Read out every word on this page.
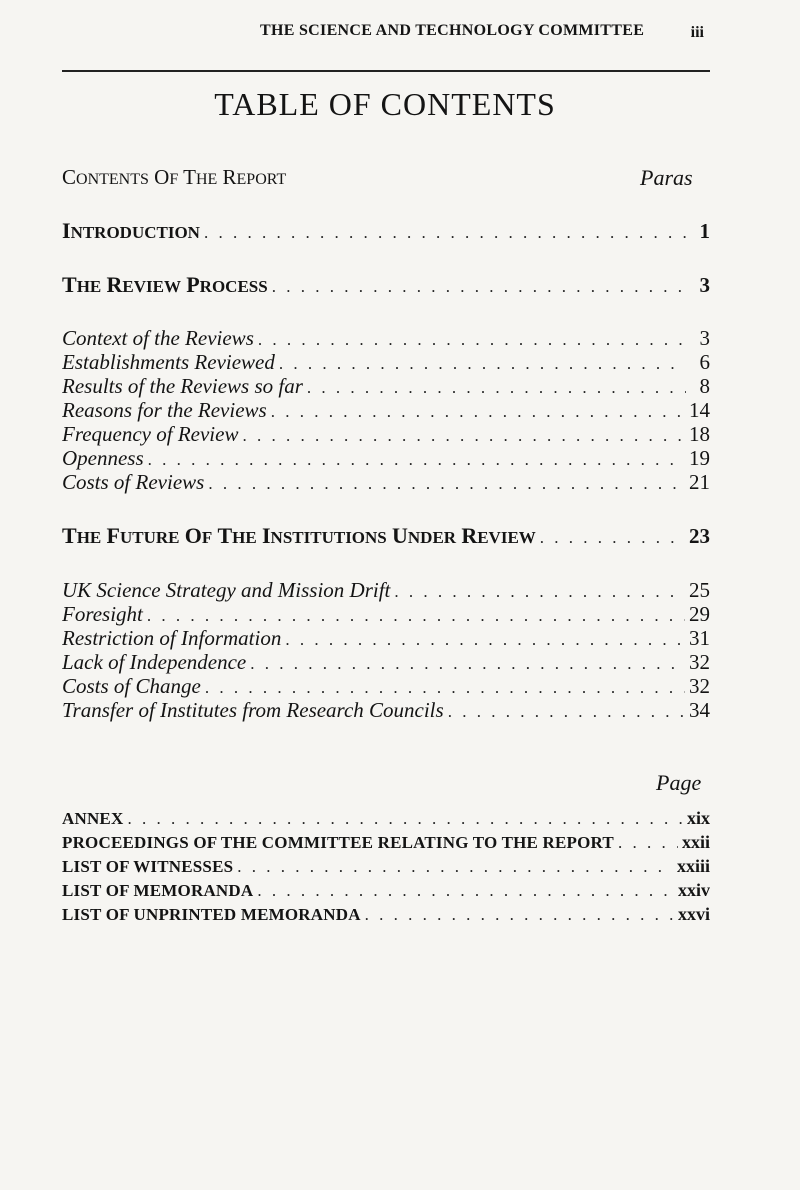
THE SCIENCE AND TECHNOLOGY COMMITTEE	iii
TABLE OF CONTENTS
CONTENTS OF THE REPORT	Paras
INTRODUCTION . . .	1
THE REVIEW PROCESS . . .	3
Context of the Reviews . . .	3
Establishments Reviewed . . .	6
Results of the Reviews so far . . .	8
Reasons for the Reviews . . .	14
Frequency of Review . . .	18
Openness . . .	19
Costs of Reviews . . .	21
THE FUTURE OF THE INSTITUTIONS UNDER REVIEW . . .	23
UK Science Strategy and Mission Drift . . .	25
Foresight . . .	29
Restriction of Information . . .	31
Lack of Independence . . .	32
Costs of Change . . .	32
Transfer of Institutes from Research Councils . . .	34
Page
ANNEX . . .	xix
PROCEEDINGS OF THE COMMITTEE RELATING TO THE REPORT . . .	xxii
LIST OF WITNESSES . . .	xxiii
LIST OF MEMORANDA . . .	xxiv
LIST OF UNPRINTED MEMORANDA . . .	xxvi
